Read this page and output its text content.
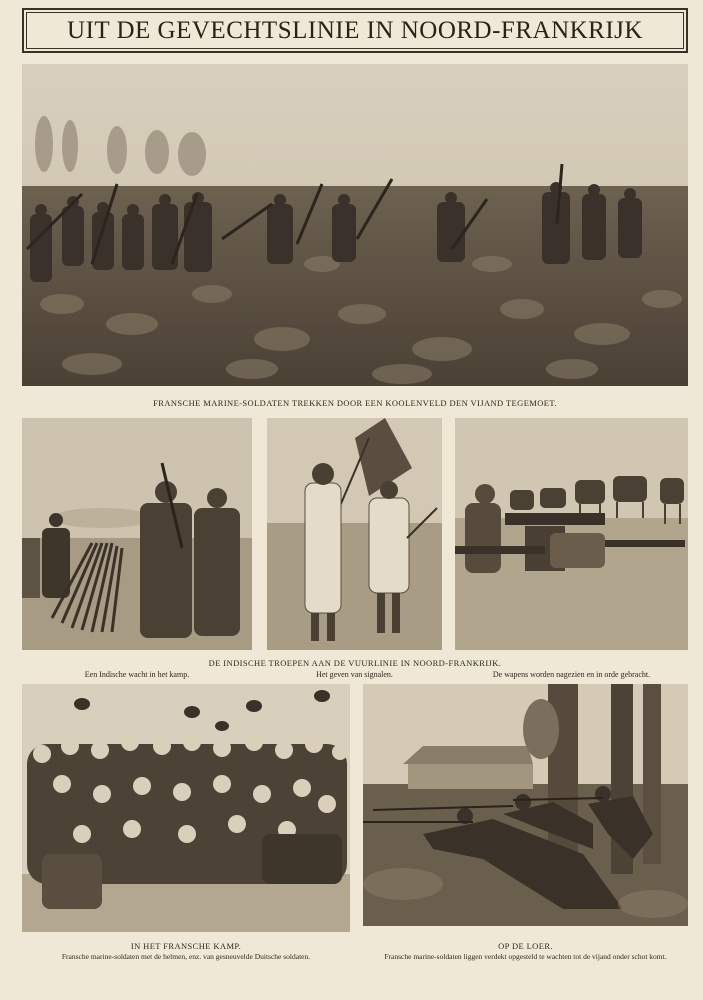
UIT DE GEVECHTSLINIE IN NOORD-FRANKRIJK
FRANSCHE MARINE-SOLDATEN TREKKEN DOOR EEN KOOLENVELD DEN VIJAND TEGEMOET.
DE INDISCHE TROEPEN AAN DE VUURLINIE IN NOORD-FRANKRIJK.
Een Indische wacht in het kamp.	Het geven van signalen.	De wapens worden nagezien en in orde gebracht.
IN HET FRANSCHE KAMP.
Fransche marine-soldaten met de helmen, enz. van gesneuvelde Duitsche soldaten.
OP DE LOER.
Fransche marine-soldaten liggen verdekt opgesteld te wachten tot de vijand onder schot komt.
